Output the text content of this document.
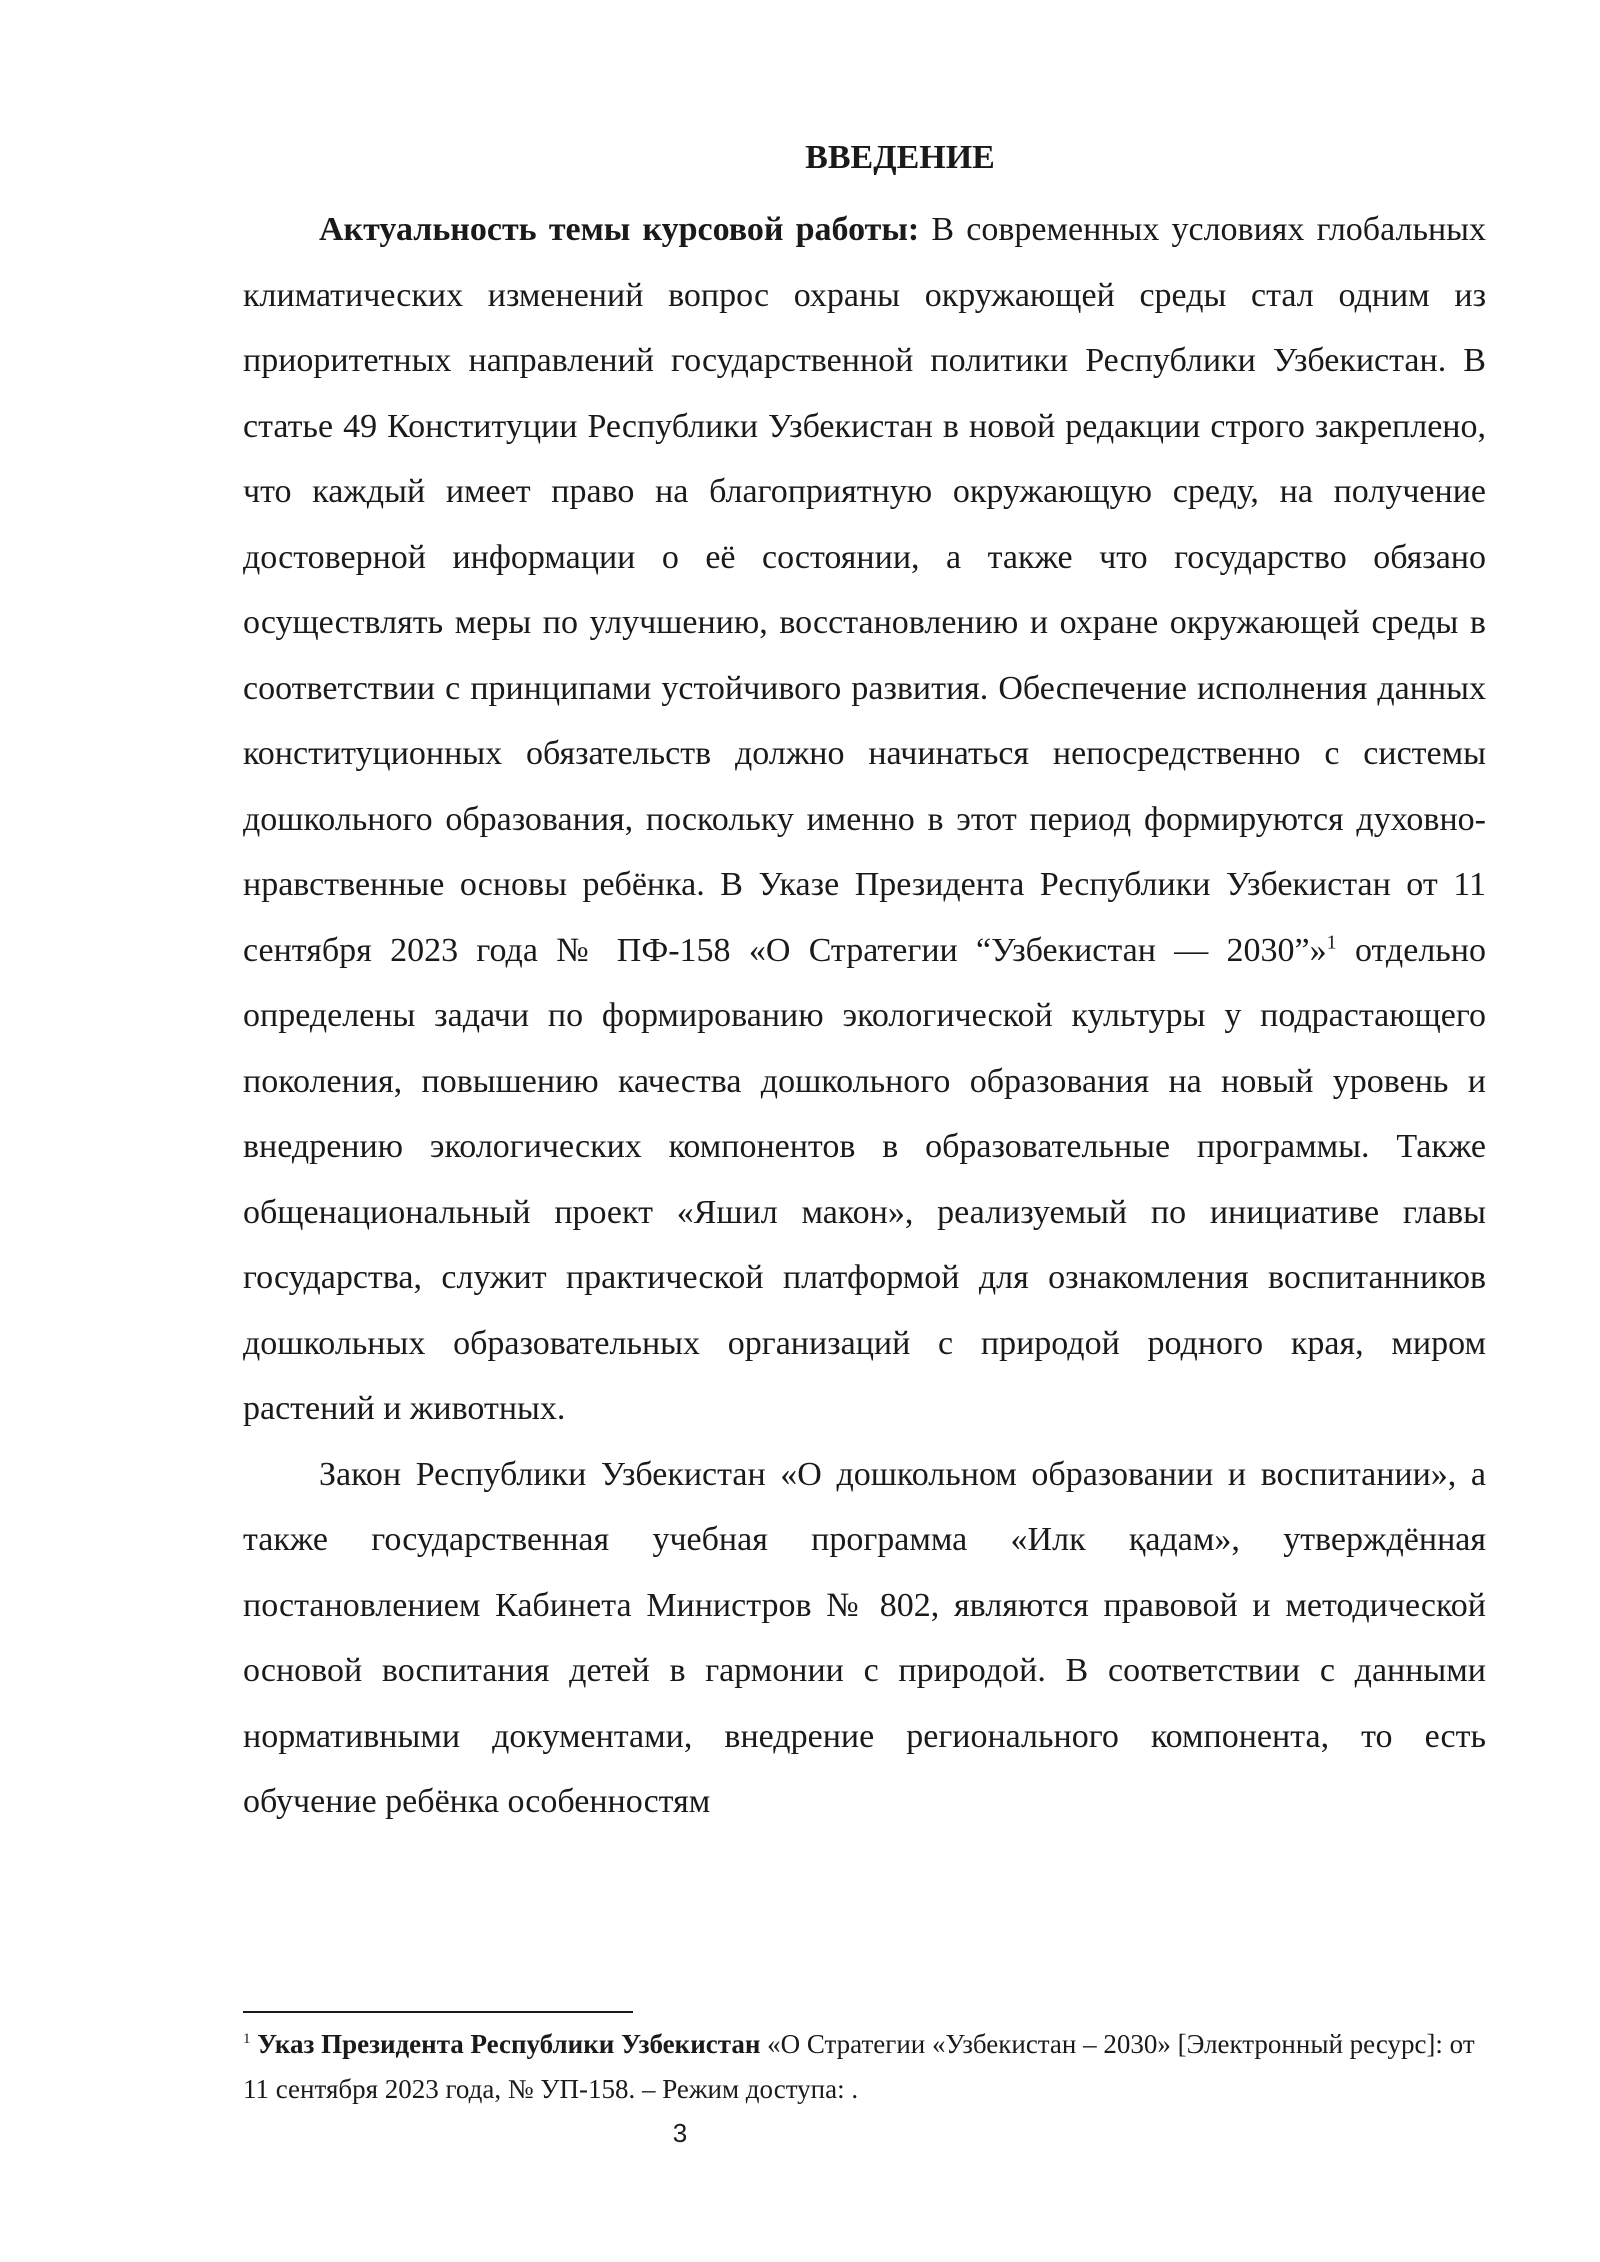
ВВЕДЕНИЕ

Актуальность темы курсовой работы: В современных условиях глобальных климатических изменений вопрос охраны окружающей среды стал одним из приоритетных направлений государственной политики Республики Узбекистан. В статье 49 Конституции Республики Узбекистан в новой редакции строго закреплено, что каждый имеет право на благоприятную окружающую среду, на получение достоверной информации о её состоянии, а также что государство обязано осуществлять меры по улучшению, восстановлению и охране окружающей среды в соответствии с принципами устойчивого развития. Обеспечение исполнения данных конституционных обязательств должно начинаться непосредственно с системы дошкольного образования, поскольку именно в этот период формируются духовно-нравственные основы ребёнка. В Указе Президента Республики Узбекистан от 11 сентября 2023 года № ПФ-158 «О Стратегии “Узбекистан — 2030”»$^1$ отдельно определены задачи по формированию экологической культуры у подрастающего поколения, повышению качества дошкольного образования на новый уровень и внедрению экологических компонентов в образовательные программы. Также общенациональный проект «Яшил макон», реализуемый по инициативе главы государства, служит практической платформой для ознакомления воспитанников дошкольных образовательных организаций с природой родного края, миром растений и животных.

Закон Республики Узбекистан «О дошкольном образовании и воспитании», а также государственная учебная программа «Илк қадам», утверждённая постановлением Кабинета Министров № 802, являются правовой и методической основой воспитания детей в гармонии с природой. В соответствии с данными нормативными документами, внедрение регионального компонента, то есть обучение ребёнка особенностям

$^1$ Указ Президента Республики Узбекистан «О Стратегии «Узбекистан – 2030» [Электронный ресурс]: от 11 сентября 2023 года, № УП-158. – Режим доступа: .

3
